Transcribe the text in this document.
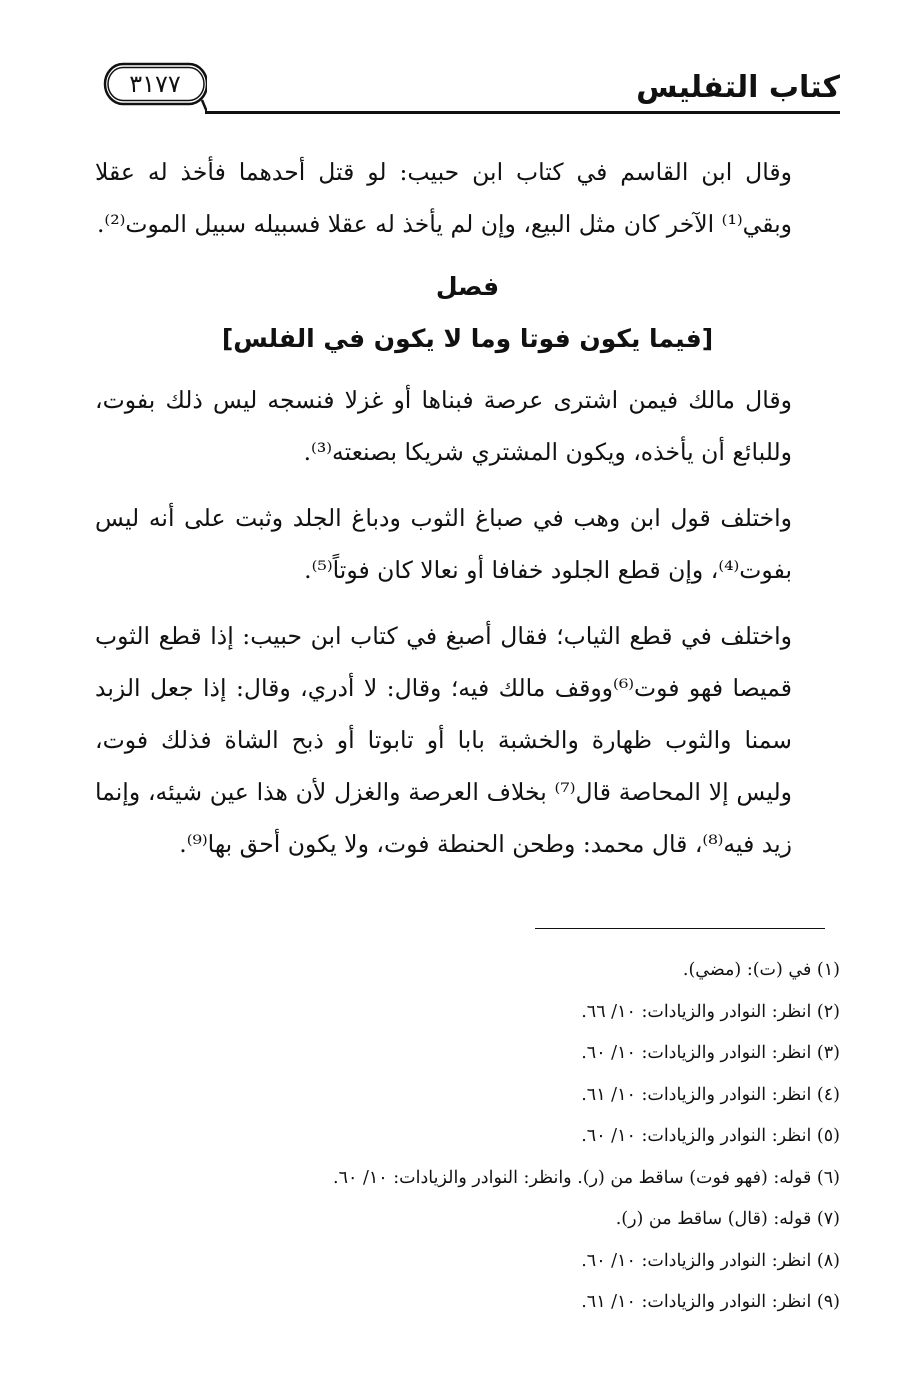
كتاب التفليس
٣١٧٧

وقال ابن القاسم في كتاب ابن حبيب: لو قتل أحدهما فأخذ له عقلا وبقي⁽¹⁾ الآخر كان مثل البيع، وإن لم يأخذ له عقلا فسبيله سبيل الموت⁽²⁾.

فصل
[فيما يكون فوتا وما لا يكون في الفلس]

وقال مالك فيمن اشترى عرصة فبناها أو غزلا فنسجه ليس ذلك بفوت، وللبائع أن يأخذه، ويكون المشتري شريكا بصنعته⁽³⁾.

واختلف قول ابن وهب في صباغ الثوب ودباغ الجلد وثبت على أنه ليس بفوت⁽⁴⁾، وإن قطع الجلود خفافا أو نعالا كان فوتاً⁽⁵⁾.

واختلف في قطع الثياب؛ فقال أصبغ في كتاب ابن حبيب: إذا قطع الثوب قميصا فهو فوت⁽⁶⁾ووقف مالك فيه؛ وقال: لا أدري، وقال: إذا جعل الزبد سمنا والثوب ظهارة والخشبة بابا أو تابوتا أو ذبح الشاة فذلك فوت، وليس إلا المحاصة قال⁽⁷⁾ بخلاف العرصة والغزل لأن هذا عين شيئه، وإنما زيد فيه⁽⁸⁾، قال محمد: وطحن الحنطة فوت، ولا يكون أحق بها⁽⁹⁾.

(١) في (ت): (مضي).
(٢) انظر: النوادر والزيادات: ١٠/ ٦٦.
(٣) انظر: النوادر والزيادات: ١٠/ ٦٠.
(٤) انظر: النوادر والزيادات: ١٠/ ٦١.
(٥) انظر: النوادر والزيادات: ١٠/ ٦٠.
(٦) قوله: (فهو فوت) ساقط من (ر). وانظر: النوادر والزيادات: ١٠/ ٦٠.
(٧) قوله: (قال) ساقط من (ر).
(٨) انظر: النوادر والزيادات: ١٠/ ٦٠.
(٩) انظر: النوادر والزيادات: ١٠/ ٦١.
